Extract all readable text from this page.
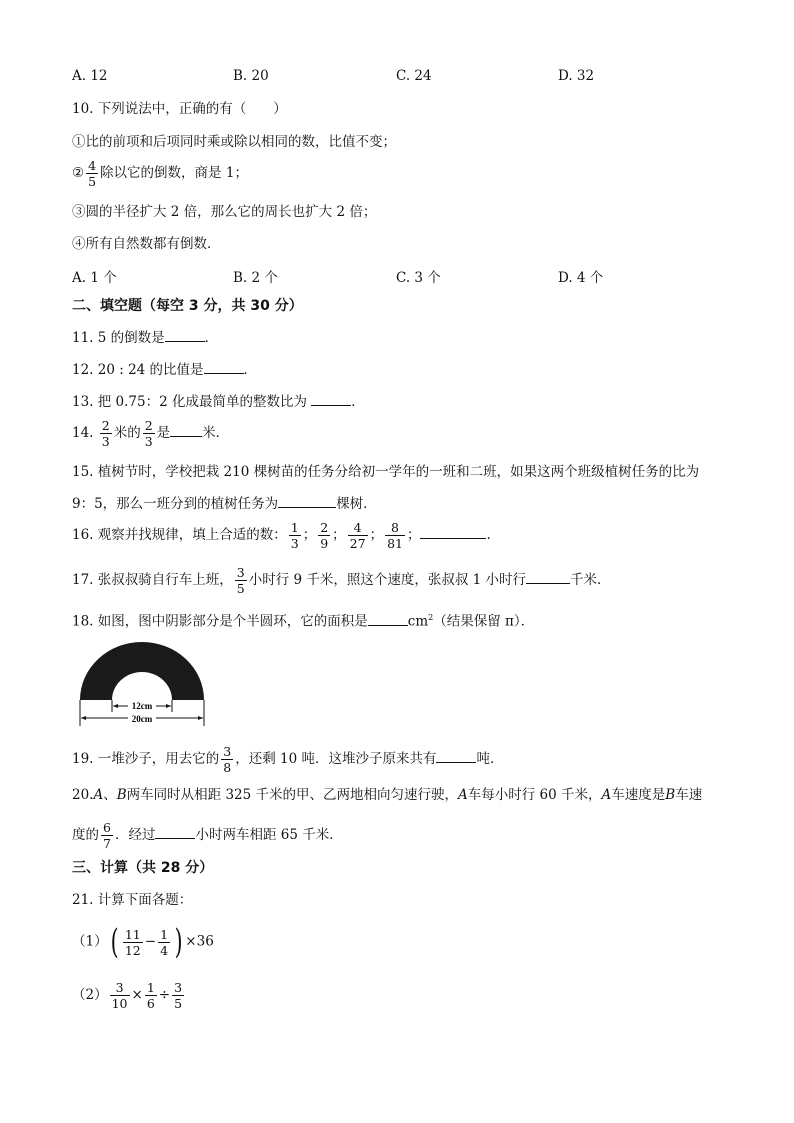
A. 12	B. 20	C. 24	D. 32
10. 下列说法中，正确的有（　　）
①比的前项和后项同时乘或除以相同的数，比值不变；
② $\frac{4}{5}$ 除以它的倒数，商是 1；
③圆的半径扩大 2 倍，那么它的周长也扩大 2 倍；
④所有自然数都有倒数．
A. 1 个	B. 2 个	C. 3 个	D. 4 个
二、填空题（每空 3 分，共 30 分）
11. 5 的倒数是	．
12. 20 : 24 的比值是	．
13. 把 0.75：2 化成最简单的整数比为	．
14. $\frac{2}{3}$ 米的 $\frac{2}{3}$ 是 米．
15. 植树节时，学校把栽 210 棵树苗的任务分给初一学年的一班和二班，如果这两个班级植树任务的比为
9：5，那么一班分到的植树任务为	棵树．
16. 观察并找规律，填上合适的数： $\frac{1}{3}$ ； $\frac{2}{9}$ ； $\frac{4}{27}$ ； $\frac{8}{81}$ ；	.
17. 张叔叔骑自行车上班， $\frac{3}{5}$ 小时行 9 千米，照这个速度，张叔叔 1 小时行	千米．
18. 如图，图中阴影部分是个半圆环，它的面积是	$cm^2$（结果保留 π）．
12cm
20cm
19. 一堆沙子，用去它的 $\frac{3}{8}$ ，还剩 10 吨．这堆沙子原来共有	吨．
20.A、B两车同时从相距 325 千米的甲、乙两地相向匀速行驶，A车每小时行 60 千米，A车速度是B车速
度的 $\frac{6}{7}$ ．经过	小时两车相距 65 千米．
三、计算（共 28 分）
21. 计算下面各题：
$(1)( \frac{11}{12} - \frac{1}{4}$ ) ×36
$(2) \frac{3}{10} \times \frac{1}{6} \div \frac{3}{5}$
